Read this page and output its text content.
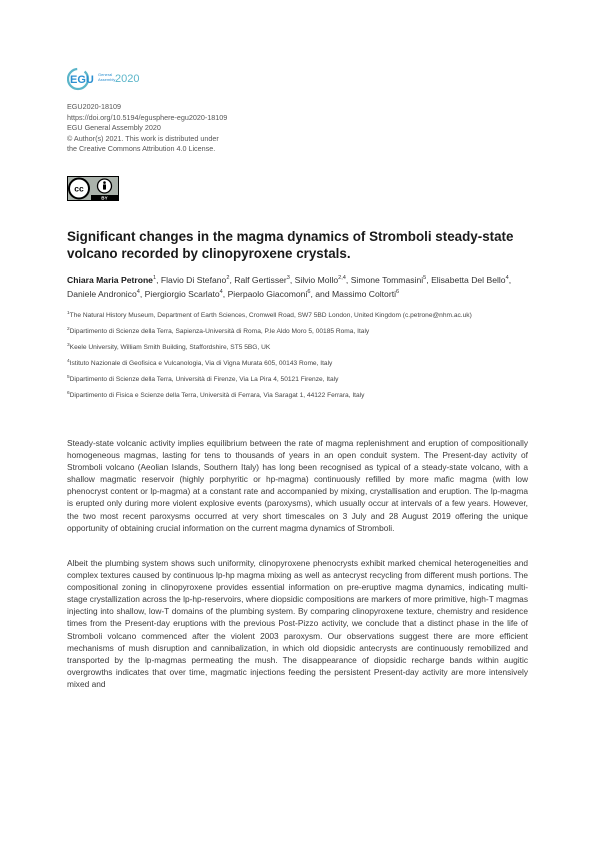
EGU General
Assembly 2020
EGU2020-18109
https://doi.org/10.5194/egusphere-egu2020-18109
EGU General Assembly 2020
© Author(s) 2021. This work is distributed under
the Creative Commons Attribution 4.0 License.
cc
BY
Significant changes in the magma dynamics of Stromboli steady-state volcano recorded by clinopyroxene crystals.
Chiara Maria Petrone$^1$, Flavio Di Stefano$^2$, Ralf Gertisser$^3$, Silvio Mollo$^{2,4}$, Simone Tommasini$^5$, Elisabetta Del Bello$^4$, Daniele Andronico$^4$, Piergiorgio Scarlato$^4$, Pierpaolo Giacomoni$^6$, and Massimo Coltorti$^6$
$^1$The Natural History Museum, Department of Earth Sciences, Cromwell Road, SW7 5BD London, United Kingdom (c.petrone@nhm.ac.uk)
$^2$Dipartimento di Scienze della Terra, Sapienza-Università di Roma, P.le Aldo Moro 5, 00185 Roma, Italy
$^3$Keele University, William Smith Building, Staffordshire, ST5 5BG, UK
$^4$Istituto Nazionale di Geofisica e Vulcanologia, Via di Vigna Murata 605, 00143 Rome, Italy
$^5$Dipartimento di Scienze della Terra, Università di Firenze, Via La Pira 4, 50121 Firenze, Italy
$^6$Dipartimento di Fisica e Scienze della Terra, Università di Ferrara, Via Saragat 1, 44122 Ferrara, Italy

Steady-state volcanic activity implies equilibrium between the rate of magma replenishment and eruption of compositionally homogeneous magmas, lasting for tens to thousands of years in an open conduit system. The Present-day activity of Stromboli volcano (Aeolian Islands, Southern Italy) has long been recognised as typical of a steady-state volcano, with a shallow magmatic reservoir (highly porphyritic or hp-magma) continuously refilled by more mafic magma (with low phenocryst content or lp-magma) at a constant rate and accompanied by mixing, crystallisation and eruption. The lp-magma is erupted only during more violent explosive events (paroxysms), which usually occur at intervals of a few years. However, the two most recent paroxysms occurred at very short timescales on 3 July and 28 August 2019 offering the unique opportunity of obtaining crucial information on the current magma dynamics of Stromboli.

Albeit the plumbing system shows such uniformity, clinopyroxene phenocrysts exhibit marked chemical heterogeneities and complex textures caused by continuous lp-hp magma mixing as well as antecryst recycling from different mush portions. The compositional zoning in clinopyroxene provides essential information on pre-eruptive magma dynamics, indicating multi-stage crystallization across the lp-hp-reservoirs, where diopsidic compositions are markers of more primitive, high-T magmas injecting into shallow, low-T domains of the plumbing system. By comparing clinopyroxene texture, chemistry and residence times from the Present-day eruptions with the previous Post-Pizzo activity, we conclude that a distinct phase in the life of Stromboli volcano commenced after the violent 2003 paroxysm. Our observations suggest there are more efficient mechanisms of mush disruption and cannibalization, in which old diopsidic antecrysts are continuously remobilized and transported by the lp-magmas permeating the mush. The disappearance of diopsidic recharge bands within augitic overgrowths indicates that over time, magmatic injections feeding the persistent Present-day activity are more intensively mixed and
